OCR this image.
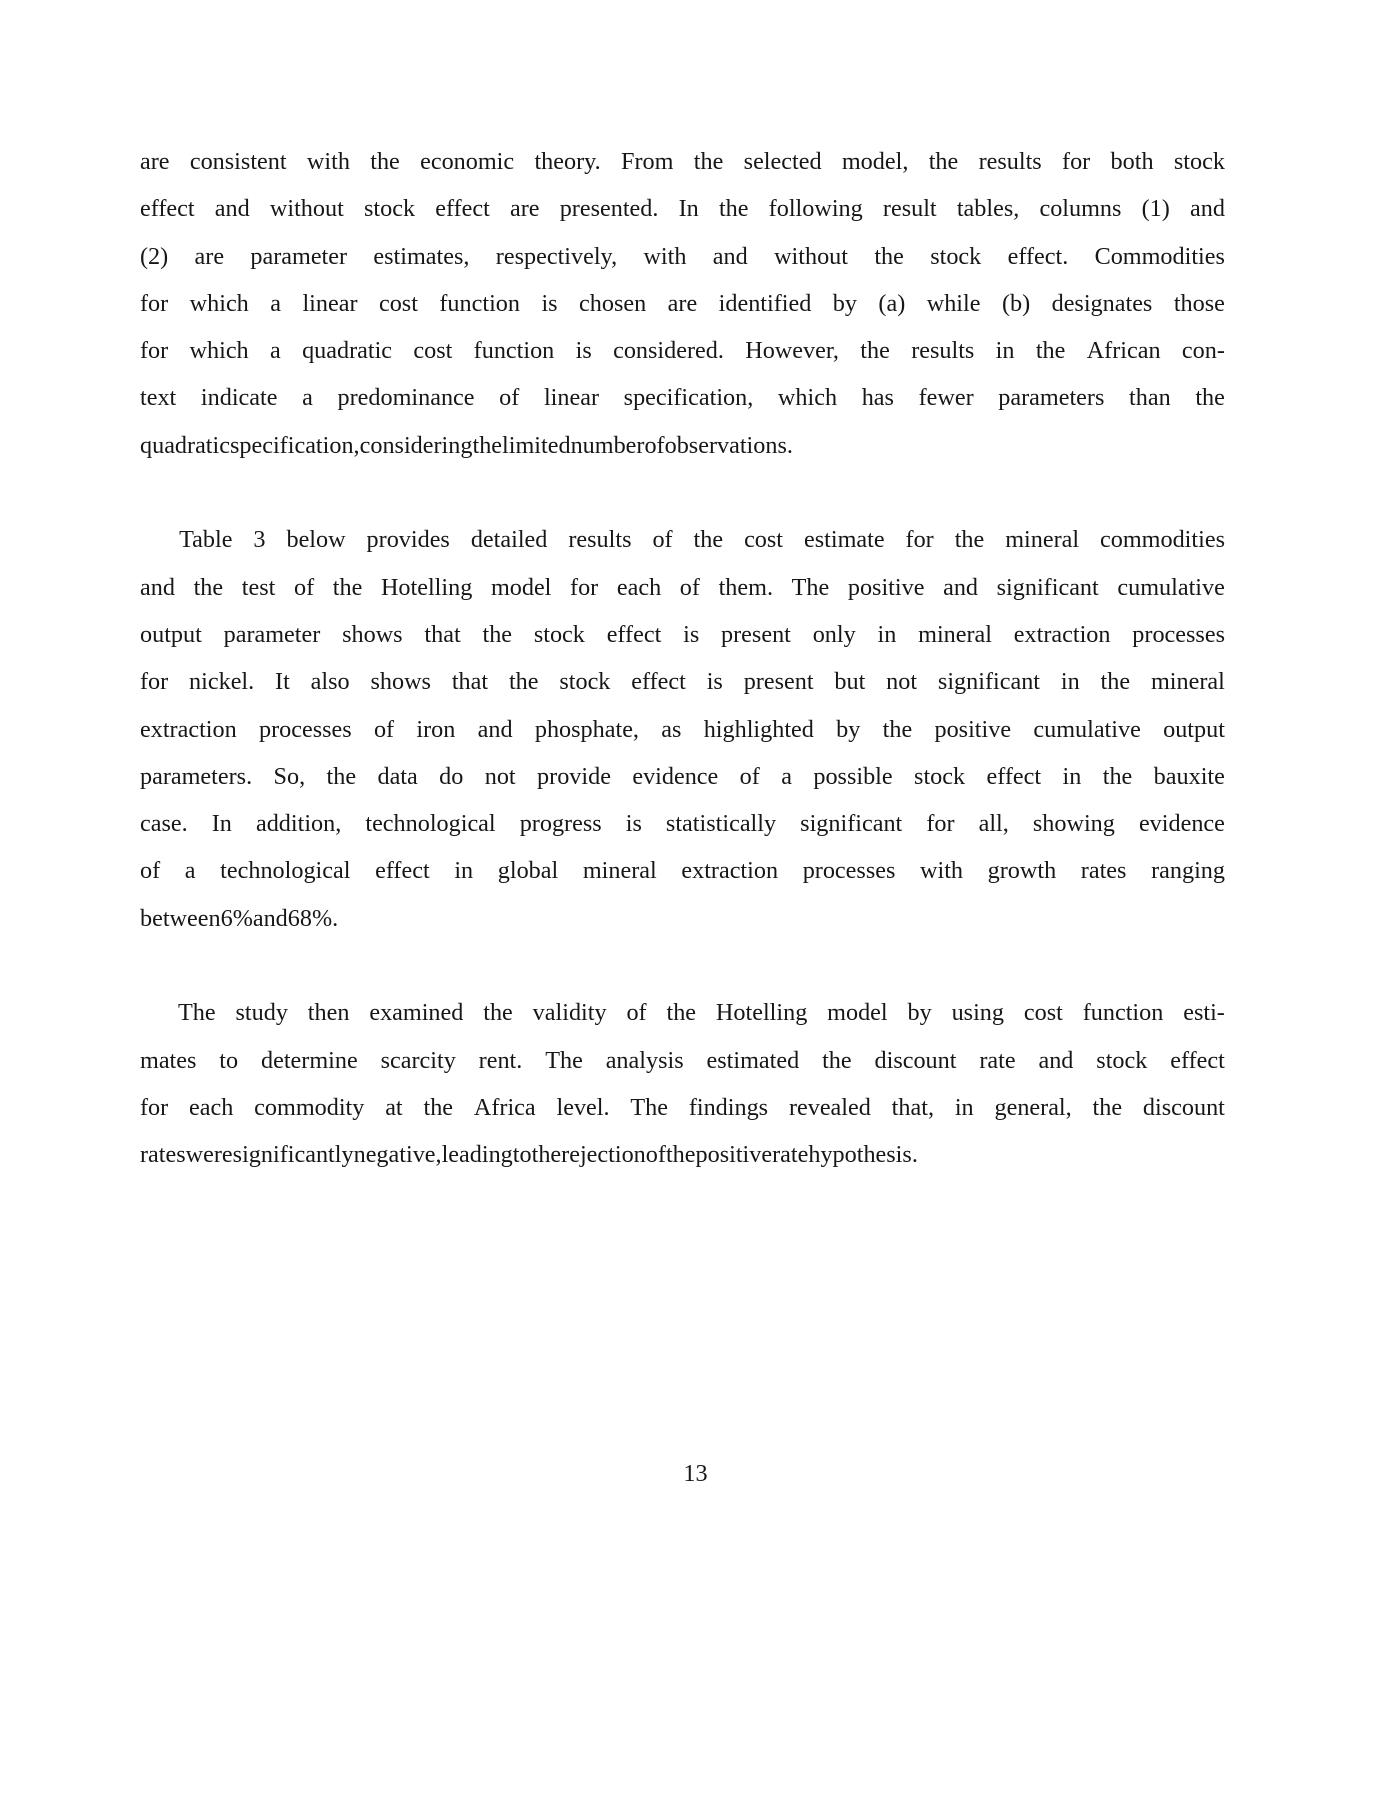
are consistent with the economic theory. From the selected model, the results for both stock
effect and without stock effect are presented. In the following result tables, columns (1) and
(2) are parameter estimates, respectively, with and without the stock effect. Commodities
for which a linear cost function is chosen are identified by (a) while (b) designates those
for which a quadratic cost function is considered. However, the results in the African con-
text indicate a predominance of linear specification, which has fewer parameters than the
quadratic specification, considering the limited number of observations.

Table 3 below provides detailed results of the cost estimate for the mineral commodities
and the test of the Hotelling model for each of them. The positive and significant cumulative
output parameter shows that the stock effect is present only in mineral extraction processes
for nickel. It also shows that the stock effect is present but not significant in the mineral
extraction processes of iron and phosphate, as highlighted by the positive cumulative output
parameters. So, the data do not provide evidence of a possible stock effect in the bauxite
case. In addition, technological progress is statistically significant for all, showing evidence
of a technological effect in global mineral extraction processes with growth rates ranging
between 6% and 68%.

The study then examined the validity of the Hotelling model by using cost function esti-
mates to determine scarcity rent. The analysis estimated the discount rate and stock effect
for each commodity at the Africa level. The findings revealed that, in general, the discount
rates were significantly negative, leading to the rejection of the positive rate hypothesis.
13
